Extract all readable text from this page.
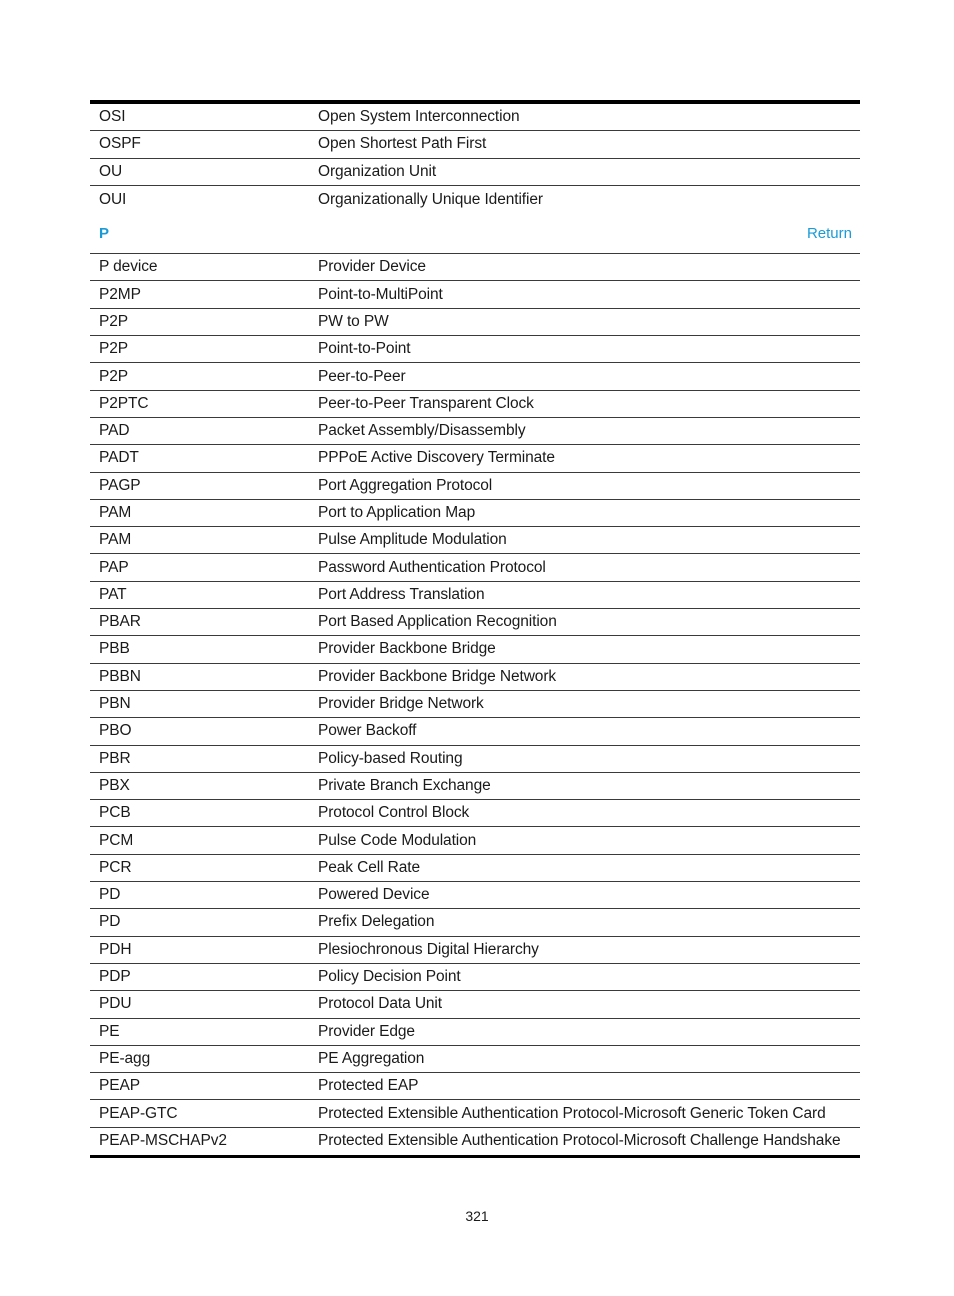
OSI	Open System Interconnection
OSPF	Open Shortest Path First
OU	Organization Unit
OUI	Organizationally Unique Identifier
P	Return
P device	Provider Device
P2MP	Point-to-MultiPoint
P2P	PW to PW
P2P	Point-to-Point
P2P	Peer-to-Peer
P2PTC	Peer-to-Peer Transparent Clock
PAD	Packet Assembly/Disassembly
PADT	PPPoE Active Discovery Terminate
PAGP	Port Aggregation Protocol
PAM	Port to Application Map
PAM	Pulse Amplitude Modulation
PAP	Password Authentication Protocol
PAT	Port Address Translation
PBAR	Port Based Application Recognition
PBB	Provider Backbone Bridge
PBBN	Provider Backbone Bridge Network
PBN	Provider Bridge Network
PBO	Power Backoff
PBR	Policy-based Routing
PBX	Private Branch Exchange
PCB	Protocol Control Block
PCM	Pulse Code Modulation
PCR	Peak Cell Rate
PD	Powered Device
PD	Prefix Delegation
PDH	Plesiochronous Digital Hierarchy
PDP	Policy Decision Point
PDU	Protocol Data Unit
PE	Provider Edge
PE-agg	PE Aggregation
PEAP	Protected EAP
PEAP-GTC	Protected Extensible Authentication Protocol-Microsoft Generic Token Card
PEAP-MSCHAPv2	Protected Extensible Authentication Protocol-Microsoft Challenge Handshake
321
